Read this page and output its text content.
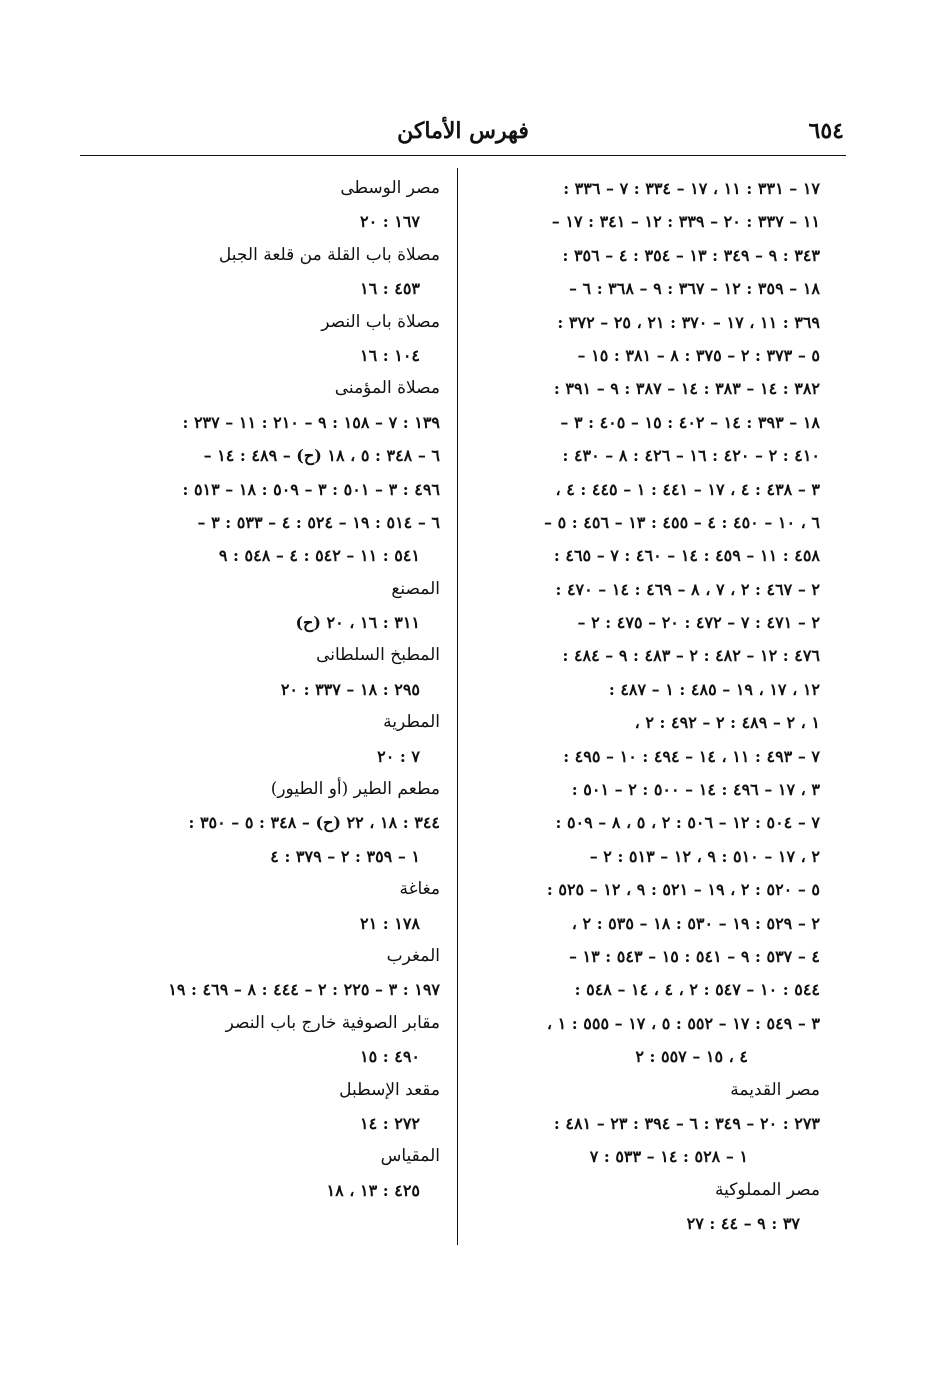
٦٥٤
فهرس الأماكن
١٧ – ٣٣١ : ١١ ، ١٧ – ٣٣٤ : ٧ – ٣٣٦ :
١١ – ٣٣٧ : ٢٠ – ٣٣٩ : ١٢ – ٣٤١ : ١٧ –
٣٤٣ : ٩ – ٣٤٩ : ١٣ – ٣٥٤ : ٤ – ٣٥٦ :
١٨ – ٣٥٩ : ١٢ – ٣٦٧ : ٩ – ٣٦٨ : ٦ –
٣٦٩ : ١١ ، ١٧ – ٣٧٠ : ٢١ ، ٢٥ – ٣٧٢ :
٥ – ٣٧٣ : ٢ – ٣٧٥ : ٨ – ٣٨١ : ١٥ –
٣٨٢ : ١٤ – ٣٨٣ : ١٤ – ٣٨٧ : ٩ – ٣٩١ :
١٨ – ٣٩٣ : ١٤ – ٤٠٢ : ١٥ – ٤٠٥ : ٣ –
٤١٠ : ٢ – ٤٢٠ : ١٦ – ٤٢٦ : ٨ – ٤٣٠ :
٣ – ٤٣٨ : ٤ ، ١٧ – ٤٤١ : ١ – ٤٤٥ : ٤ ،
٦ ، ١٠ – ٤٥٠ : ٤ – ٤٥٥ : ١٣ – ٤٥٦ : ٥ –
٤٥٨ : ١١ – ٤٥٩ : ١٤ – ٤٦٠ : ٧ – ٤٦٥ :
٢ – ٤٦٧ : ٢ ، ٧ ، ٨ – ٤٦٩ : ١٤ – ٤٧٠ :
٢ – ٤٧١ : ٧ – ٤٧٢ : ٢٠ – ٤٧٥ : ٢ –
٤٧٦ : ١٢ – ٤٨٢ : ٢ – ٤٨٣ : ٩ – ٤٨٤ :
١٢ ، ١٧ ، ١٩ – ٤٨٥ : ١ – ٤٨٧ :
١ ، ٢ – ٤٨٩ : ٢ – ٤٩٢ : ٢ ،
٧ – ٤٩٣ : ١١ ، ١٤ – ٤٩٤ : ١٠ – ٤٩٥ :
٣ ، ١٧ – ٤٩٦ : ١٤ – ٥٠٠ : ٢ – ٥٠١ :
٧ – ٥٠٤ : ١٢ – ٥٠٦ : ٢ ، ٥ ، ٨ – ٥٠٩ :
٢ ، ١٧ – ٥١٠ : ٩ ، ١٢ – ٥١٣ : ٢ –
٥ – ٥٢٠ : ٢ ، ١٩ – ٥٢١ : ٩ ، ١٢ – ٥٢٥ :
٢ – ٥٢٩ : ١٩ – ٥٣٠ : ١٨ – ٥٣٥ : ٢ ،
٤ – ٥٣٧ : ٩ – ٥٤١ : ١٥ – ٥٤٣ : ١٣ –
٥٤٤ : ١٠ – ٥٤٧ : ٢ ، ٤ ، ١٤ – ٥٤٨ :
٣ – ٥٤٩ : ١٧ – ٥٥٢ : ٥ ، ١٧ – ٥٥٥ : ١ ،
٤ ، ١٥ – ٥٥٧ : ٢
مصر القديمة
٢٧٣ : ٢٠ – ٣٤٩ : ٦ – ٣٩٤ : ٢٣ – ٤٨١ :
١ – ٥٢٨ : ١٤ – ٥٣٣ : ٧
مصر المملوكية
٣٧ : ٩ – ٤٤ : ٢٧
مصر الوسطى
١٦٧ : ٢٠
مصلاة باب القلة من قلعة الجبل
٤٥٣ : ١٦
مصلاة باب النصر
١٠٤ : ١٦
مصلاة المؤمنى
١٣٩ : ٧ – ١٥٨ : ٩ – ٢١٠ : ١١ – ٢٣٧ :
٦ – ٣٤٨ : ٥ ، ١٨ (ح) – ٤٨٩ : ١٤ –
٤٩٦ : ٣ – ٥٠١ : ٣ – ٥٠٩ : ١٨ – ٥١٣ :
٦ – ٥١٤ : ١٩ – ٥٢٤ : ٤ – ٥٣٣ : ٣ –
٥٤١ : ١١ – ٥٤٢ : ٤ – ٥٤٨ : ٩
المصنع
٣١١ : ١٦ ، ٢٠ (ح)
المطبخ السلطانى
٢٩٥ : ١٨ – ٣٣٧ : ٢٠
المطرية
٧ : ٢٠
مطعم الطير (أو الطيور)
٣٤٤ : ١٨ ، ٢٢ (ح) – ٣٤٨ : ٥ – ٣٥٠ :
١ – ٣٥٩ : ٢ – ٣٧٩ : ٤
مغاغة
١٧٨ : ٢١
المغرب
١٩٧ : ٣ – ٢٢٥ : ٢ – ٤٤٤ : ٨ – ٤٦٩ : ١٩
مقابر الصوفية خارج باب النصر
٤٩٠ : ١٥
مقعد الإسطبل
٢٧٢ : ١٤
المقياس
٤٢٥ : ١٣ ، ١٨
